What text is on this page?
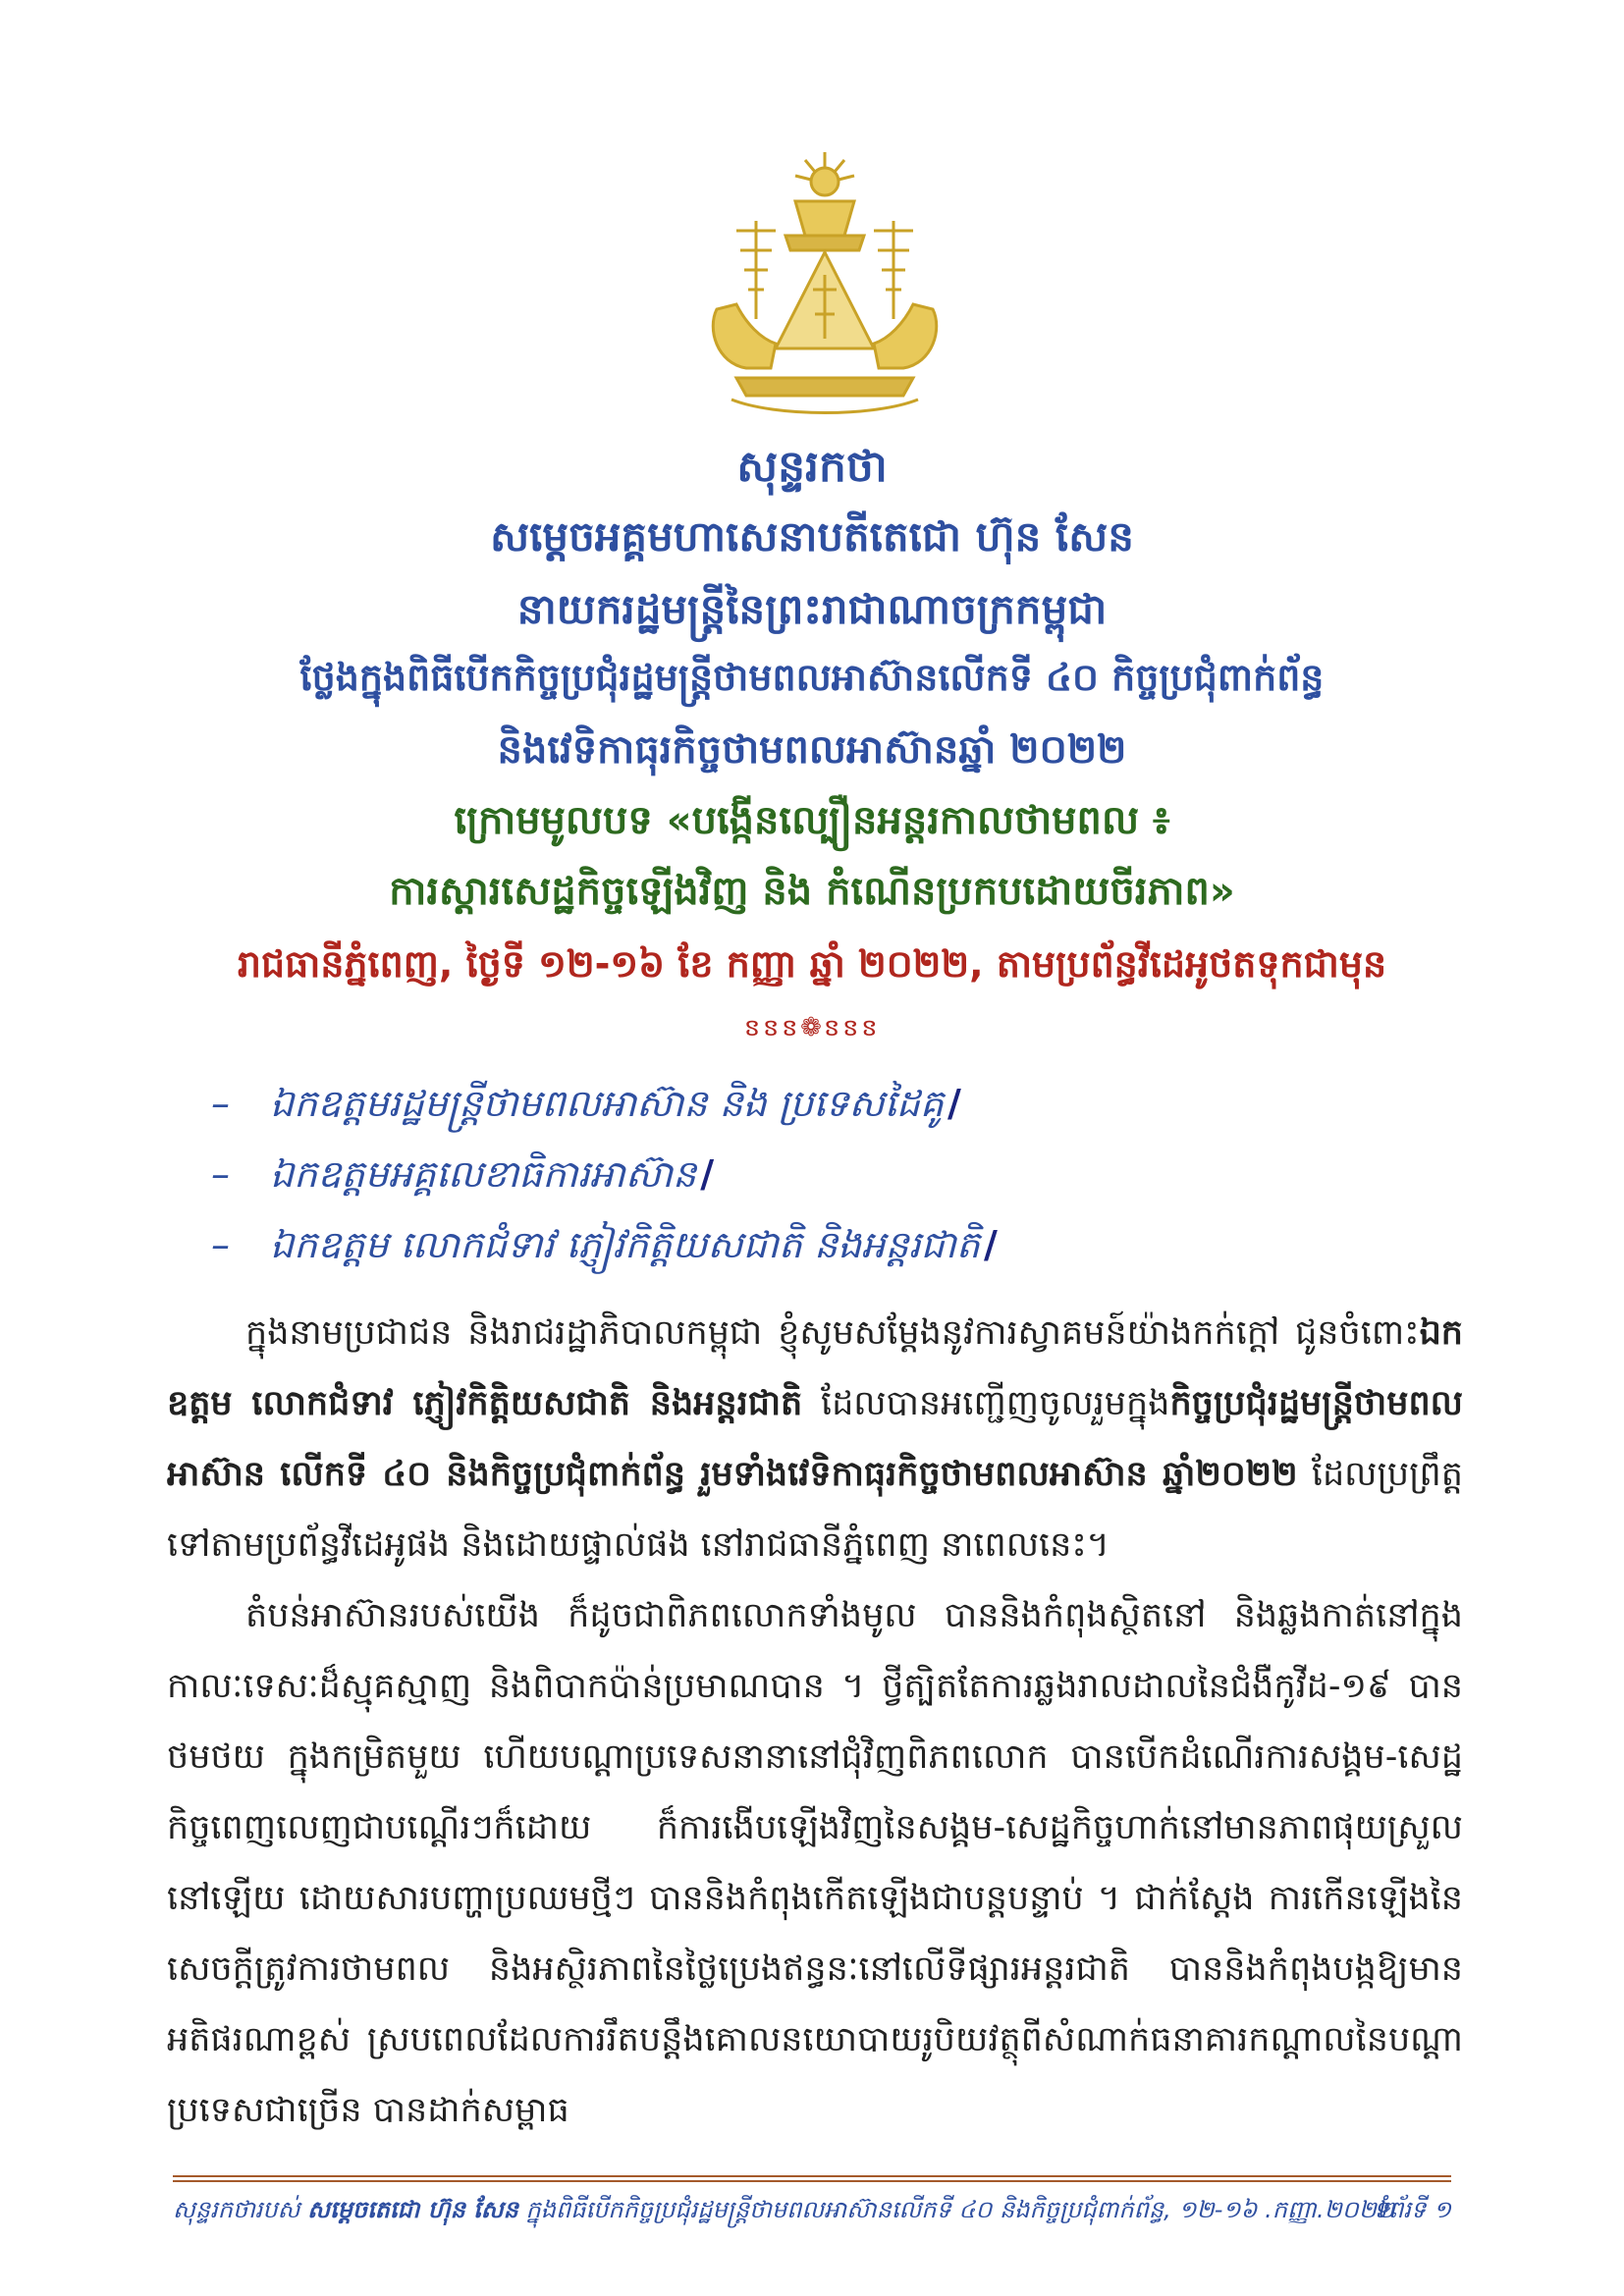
សុន្ទរកថា
សម្តេចអគ្គមហាសេនាបតីតេជោ ហ៊ុន សែន
នាយករដ្ឋមន្ត្រីនៃព្រះរាជាណាចក្រកម្ពុជា
ថ្លែងក្នុងពិធីបើកកិច្ចប្រជុំរដ្ឋមន្ត្រីថាមពលអាស៊ានលើកទី ៤០ កិច្ចប្រជុំពាក់ព័ន្ធ
និងវេទិកាធុរកិច្ចថាមពលអាស៊ានឆ្នាំ ២០២២
ក្រោមមូលបទ «បង្កើនល្បឿនអន្តរកាលថាមពល ៖
ការស្តារសេដ្ឋកិច្ចឡើងវិញ និង កំណើនប្រកបដោយចីរភាព»
រាជធានីភ្នំពេញ, ថ្ងៃទី ១២-១៦ ខែ កញ្ញា ឆ្នាំ ២០២២, តាមប្រព័ន្ធវីដេអូថតទុកជាមុន
ៜៜៜ❁ៜៜៜ
– ឯកឧត្តមរដ្ឋមន្ត្រីថាមពលអាស៊ាន និង ប្រទេសដៃគូ /
– ឯកឧត្តមអគ្គលេខាធិការអាស៊ាន /
– ឯកឧត្តម លោកជំទាវ ភ្ញៀវកិត្តិយសជាតិ និងអន្តរជាតិ /

ក្នុងនាមប្រជាជន និងរាជរដ្ឋាភិបាលកម្ពុជា ខ្ញុំសូមសម្តែងនូវការស្វាគមន៍យ៉ាងកក់ក្តៅ ជូនចំពោះឯកឧត្តម លោកជំទាវ ភ្ញៀវកិត្តិយសជាតិ និងអន្តរជាតិ ដែលបានអញ្ជើញចូលរួមក្នុងកិច្ចប្រជុំរដ្ឋមន្ត្រីថាមពលអាស៊ាន លើកទី ៤០ និងកិច្ចប្រជុំពាក់ព័ន្ធ រួមទាំងវេទិកាធុរកិច្ចថាមពលអាស៊ាន ឆ្នាំ២០២២ ដែលប្រព្រឹត្តទៅតាមប្រព័ន្ធវីដេអូផង និងដោយផ្ទាល់ផង នៅរាជធានីភ្នំពេញ នាពេលនេះ។

តំបន់អាស៊ានរបស់យើង ក៏ដូចជាពិភពលោកទាំងមូល បាននិងកំពុងស្ថិតនៅ និងឆ្លងកាត់នៅក្នុងកាលៈទេសៈដ៏ស្មុគស្មាញ និងពិបាកប៉ាន់ប្រមាណបាន ។ ថ្វីត្បិតតែការឆ្លងរាលដាលនៃជំងឺកូវីដ-១៩ បានថមថយ ក្នុងកម្រិតមួយ ហើយបណ្តាប្រទេសនានានៅជុំវិញពិភពលោក បានបើកដំណើរការសង្គម-សេដ្ឋកិច្ចពេញលេញជាបណ្តើរៗក៏ដោយ ក៏ការងើបឡើងវិញនៃសង្គម-សេដ្ឋកិច្ចហាក់នៅមានភាពផុយស្រួលនៅឡើយ ដោយសារបញ្ហាប្រឈមថ្មីៗ បាននិងកំពុងកើតឡើងជាបន្តបន្ទាប់ ។ ជាក់ស្តែង ការកើនឡើងនៃសេចក្តីត្រូវការថាមពល និងអស្ថិរភាពនៃថ្លៃប្រេងឥន្ធនៈនៅលើទីផ្សារអន្តរជាតិ បាននិងកំពុងបង្កឱ្យមានអតិផរណាខ្ពស់ ស្របពេលដែលការរឹតបន្តឹងគោលនយោបាយរូបិយវត្ថុពីសំណាក់ធនាគារកណ្តាលនៃបណ្តាប្រទេសជាច្រើន បានដាក់សម្ពាធ

សុន្ទរកថារបស់ សម្តេចតេជោ ហ៊ុន សែន ក្នុងពិធីបើកកិច្ចប្រជុំរដ្ឋមន្ត្រីថាមពលអាស៊ានលើកទី ៤០ និងកិច្ចប្រជុំពាក់ព័ន្ធ, ១២-១៦ .កញ្ញា.២០២២
ទំព័រទី ១
